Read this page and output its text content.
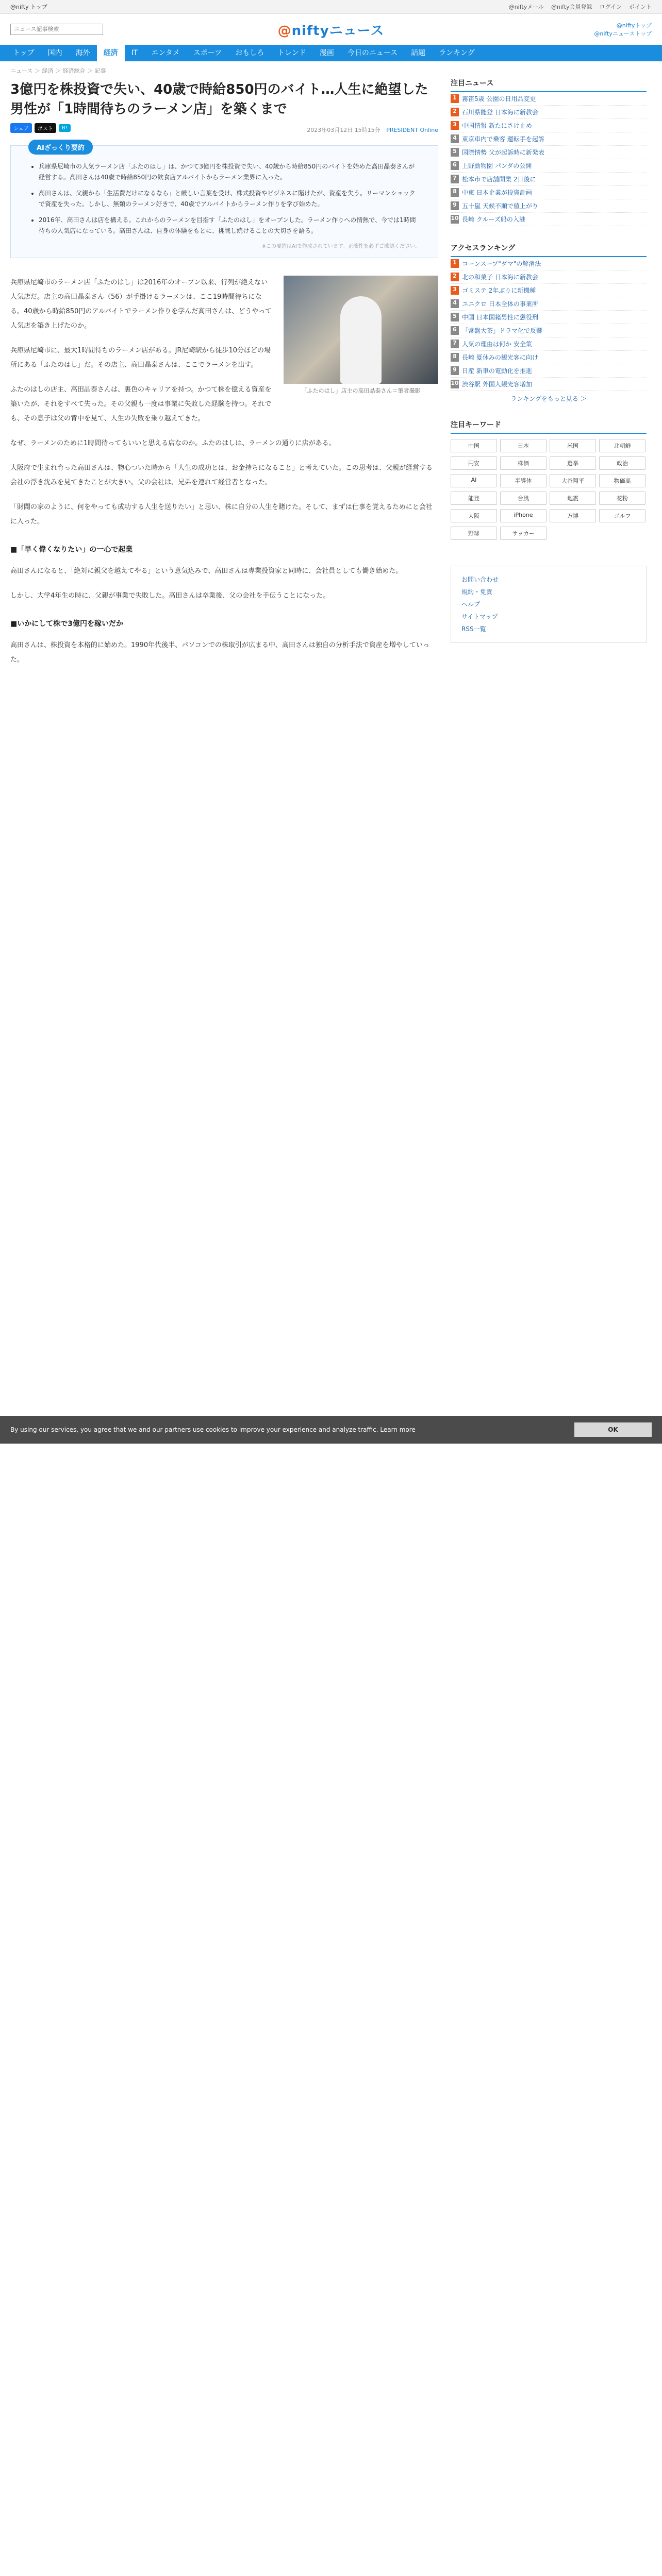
@nifty トップ	@niftyメール @nifty会員登録 ログイン ポイント
ニュース記事検索
@niftyニュース	@niftyトップ
@niftyニューストップ
トップ	国内	海外	経済	IT	エンタメ	スポーツ	おもしろ	トレンド	漫画	今日のニュース	話題	ランキング
ニュース ＞ 経済 ＞ 経済総合 ＞ 記事
3億円を株投資で失い、40歳で時給850円のバイト…人生に絶望した男性が「1時間待ちのラーメン店」を築くまで
シェア	ポスト	B!	2023年03月12日 15時15分 PRESIDENT Online
AIざっくり要約
• 兵庫県尼崎市の人気ラーメン店「ふたのはし」は、かつて3億円を株投資で失い、40歳から時給850円のバイトを始めた高田晶泰さんが経営する。高田さんは40歳で時給850円の飲食店アルバイトからラーメン業界に入った。
• 高田さんは、父親から「生活費だけになるなら」と厳しい言葉を受け、株式投資やビジネスに賭けたが、資産を失う。リーマンショックで資産を失った。しかし、無類のラーメン好きで、40歳でアルバイトからラーメン作りを学び始めた。
• 2016年、高田さんは店を構える。これからのラーメンを目指す「ふたのはし」をオープンした。ラーメン作りへの情熱で、今では1時間待ちの人気店になっている。高田さんは、自身の体験をもとに、挑戦し続けることの大切さを語る。
※この要約はAIで作成されています。正確性を必ずご確認ください。
「ふたのはし」店主の高田晶泰さん＝筆者撮影

兵庫県尼崎市のラーメン店「ふたのはし」は2016年のオープン以来、行列が絶えない人気店だ。店主の高田晶泰さん（56）が手掛けるラーメンは、ここ19時間待ちになる。40歳から時給850円のアルバイトでラーメン作りを学んだ高田さんは、どうやって人気店を築き上げたのか。

兵庫県尼崎市に、最大1時間待ちのラーメン店がある。JR尼崎駅から徒歩10分ほどの場所にある「ふたのはし」だ。その店主、高田晶泰さんは、ここでラーメンを出す。

ふたのはしの店主、高田晶泰さんは、裏色のキャリアを持つ。かつて株を億える資産を築いたが、それをすべて失った。その父親も一度は事業に失敗した経験を持つ。それでも、その息子は父の背中を見て、人生の失敗を乗り越えてきた。

なぜ、ラーメンのために1時間待ってもいいと思える店なのか。ふたのはしは、ラーメンの通りに店がある。

大阪府で生まれ育った高田さんは、物心ついた時から「人生の成功とは、お金持ちになること」と考えていた。この思考は、父親が経営する会社の浮き沈みを見てきたことが大きい。父の会社は、兄弟を連れて経営者となった。

「財閥の家のように、何をやっても成功する人生を送りたい」と思い、株に自分の人生を賭けた。そして、まずは仕事を覚えるためにと会社に入った。

■「早く偉くなりたい」の一心で起業

高田さんになると、「絶対に親父を越えてやる」という意気込みで、高田さんは専業投資家と同時に、会社員としても働き始めた。

しかし、大学4年生の時に、父親が事業で失敗した。高田さんは卒業後、父の会社を手伝うことになった。

■いかにして株で3億円を稼いだか

高田さんは、株投資を本格的に始めた。1990年代後半、パソコンでの株取引が広まる中、高田さんは独自の分析手法で資産を増やしていった。

注目ニュース
1 霧笛5歳 公園の日用品変更
2 石川県能登 日本海に新教会
3 中国情報 新たにさけ止め
4 東京車内で乗客 運転手を起訴
5 国際情勢 父が起訴時に新発表
6 上野動物園 パンダの公開
7 松本市で店舗開業 2日後に
8 中東 日本企業が投資計画
9 五十嵐 天候不順で値上がり
10 長崎 クルーズ船の入港
アクセスランキング
1 コーンスープ"ダマ"の解消法
2 北の和菓子 日本海に新教会
3 ゴミステ 2年ぶりに新機種
4 ユニクロ 日本全体の事業所
5 中国 日本国籍男性に懲役刑
6 「常盤大茶」ドラマ化で反響
7 人気の理由は何か 安全策
8 長崎 夏休みの観光客に向け
9 日産 新車の電動化を推進
10 渋谷駅 外国人観光客増加
ランキングをもっと見る ＞
注目キーワード
中国	日本	米国	北朝鮮
円安	株価	選挙	政治
AI	半導体	大谷翔平	物価高
能登	台風	地震	花粉
大阪	iPhone	万博	ゴルフ
野球	サッカー
お問い合わせ
規約・免責
ヘルプ
サイトマップ
RSS一覧
By using our services, you agree that we and our partners use cookies to improve your experience and analyze traffic. Learn more	OK
